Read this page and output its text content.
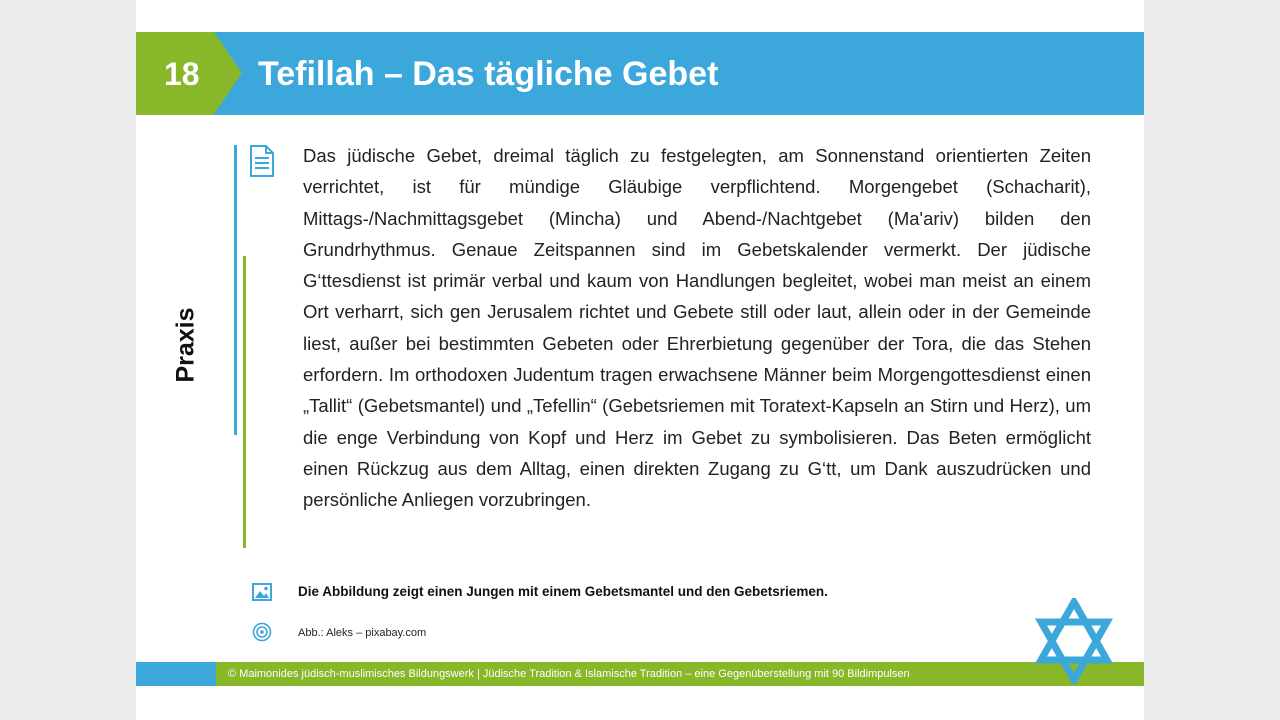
18 Tefillah – Das tägliche Gebet
Praxis
Das jüdische Gebet, dreimal täglich zu festgelegten, am Sonnenstand orientierten Zeiten verrichtet, ist für mündige Gläubige verpflichtend. Morgengebet (Schacharit), Mittags-/Nachmittagsgebet (Mincha) und Abend-/Nachtgebet (Ma'ariv) bilden den Grundrhythmus. Genaue Zeitspannen sind im Gebetskalender vermerkt. Der jüdische G‘ttesdienst ist primär verbal und kaum von Handlungen begleitet, wobei man meist an einem Ort verharrt, sich gen Jerusalem richtet und Gebete still oder laut, allein oder in der Gemeinde liest, außer bei bestimmten Gebeten oder Ehrerbietung gegenüber der Tora, die das Stehen erfordern. Im orthodoxen Judentum tragen erwachsene Männer beim Morgengottesdienst einen „Tallit“ (Gebetsmantel) und „Tefellin“ (Gebetsriemen mit Toratext-Kapseln an Stirn und Herz), um die enge Verbindung von Kopf und Herz im Gebet zu symbolisieren. Das Beten ermöglicht einen Rückzug aus dem Alltag, einen direkten Zugang zu G‘tt, um Dank auszudrücken und persönliche Anliegen vorzubringen.
Die Abbildung zeigt einen Jungen mit einem Gebetsmantel und den Gebetsriemen.
Abb.: Aleks – pixabay.com
© Maimonides jüdisch-muslimisches Bildungswerk | Jüdische Tradition & Islamische Tradition – eine Gegenüberstellung mit 90 Bildimpulsen
